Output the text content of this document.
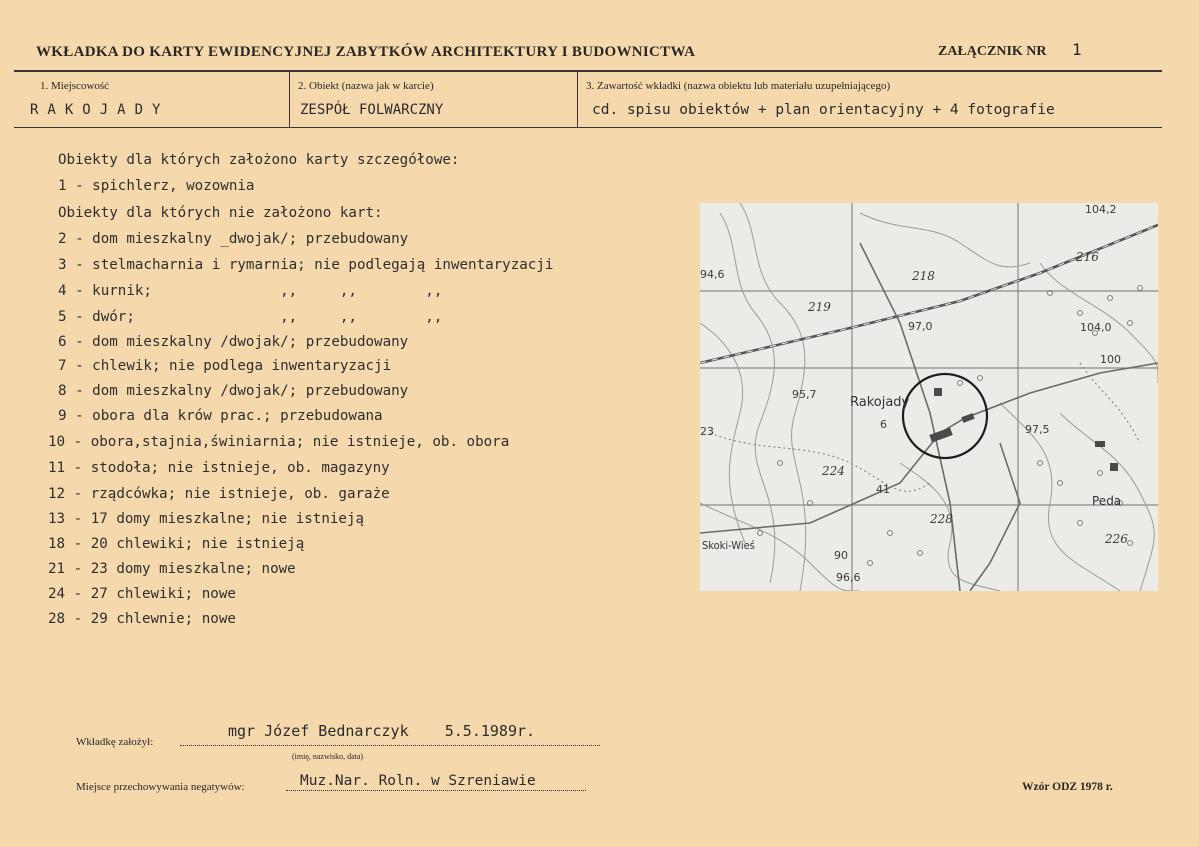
WKŁADKA DO KARTY EWIDENCYJNEJ ZABYTKÓW ARCHITEKTURY I BUDOWNICTWA	ZAŁĄCZNIK NR 1
1. Miejscowość
RAKOJADY
2. Obiekt (nazwa jak w karcie)
ZESPÓŁ FOLWARCZNY
3. Zawartość wkładki (nazwa obiektu lub materiału uzupełniającego)
cd. spisu obiektów + plan orientacyjny + 4 fotografie
Obiekty dla których założono karty szczegółowe:
1 - spichlerz, wozownia
Obiekty dla których nie założono kart:
2 - dom mieszkalny _dwojak/; przebudowany
3 - stelmacharnia i rymarnia; nie podlegają inwentaryzacji
4 - kurnik;               ,,     ,,        ,,
5 - dwór;                 ,,     ,,        ,,
6 - dom mieszkalny /dwojak/; przebudowany
7 - chlewik; nie podlega inwentaryzacji
8 - dom mieszkalny /dwojak/; przebudowany
9 - obora dla krów prac.; przebudowana
10 - obora,stajnia,świniarnia; nie istnieje, ob. obora
11 - stodoła; nie istnieje, ob. magazyny
12 - rządcówka; nie istnieje, ob. garaże
13 - 17 domy mieszkalne; nie istnieją
18 - 20 chlewiki; nie istnieją
21 - 23 domy mieszkalne; nowe
24 - 27 chlewiki; nowe
28 - 29 chlewnie; nowe
Rakojady
Peda
Skoki-Wieś
219
218
216
224
228
226
97,0
95,7
97,5
104,0
104,2
96,6
100
94,6
6
23
90
41
Wkładkę założył:
mgr Józef Bednarczyk    5.5.1989r.
(imię, nazwisko, data)
Miejsce przechowywania negatywów:	Muz.Nar. Roln. w Szreniawie	Wzór ODZ 1978 r.
